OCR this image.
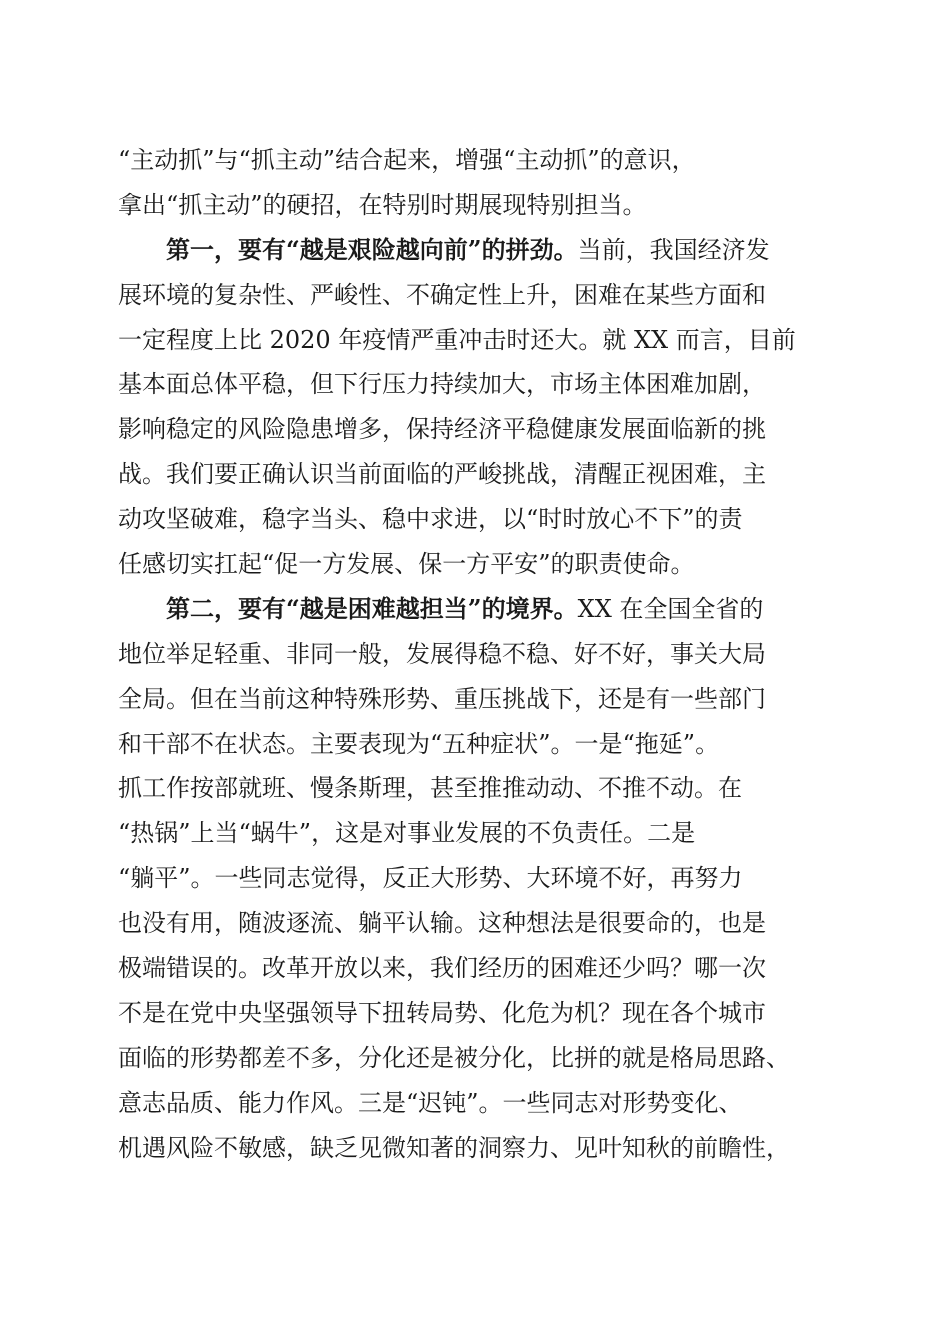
“主动抓”与“抓主动”结合起来，增强“主动抓”的意识，
拿出“抓主动”的硬招，在特别时期展现特别担当。
第一，要有“越是艰险越向前”的拼劲。当前，我国经济发
展环境的复杂性、严峻性、不确定性上升，困难在某些方面和
一定程度上比 2020 年疫情严重冲击时还大。就 XX 而言，目前
基本面总体平稳，但下行压力持续加大，市场主体困难加剧，
影响稳定的风险隐患增多，保持经济平稳健康发展面临新的挑
战。我们要正确认识当前面临的严峻挑战，清醒正视困难，主
动攻坚破难，稳字当头、稳中求进，以“时时放心不下”的责
任感切实扛起“促一方发展、保一方平安”的职责使命。
第二，要有“越是困难越担当”的境界。XX 在全国全省的
地位举足轻重、非同一般，发展得稳不稳、好不好，事关大局
全局。但在当前这种特殊形势、重压挑战下，还是有一些部门
和干部不在状态。主要表现为“五种症状”。一是“拖延”。
抓工作按部就班、慢条斯理，甚至推推动动、不推不动。在
“热锅”上当“蜗牛”，这是对事业发展的不负责任。二是
“躺平”。一些同志觉得，反正大形势、大环境不好，再努力
也没有用，随波逐流、躺平认输。这种想法是很要命的，也是
极端错误的。改革开放以来，我们经历的困难还少吗？哪一次
不是在党中央坚强领导下扭转局势、化危为机？现在各个城市
面临的形势都差不多，分化还是被分化，比拼的就是格局思路、
意志品质、能力作风。三是“迟钝”。一些同志对形势变化、
机遇风险不敏感，缺乏见微知著的洞察力、见叶知秋的前瞻性，
